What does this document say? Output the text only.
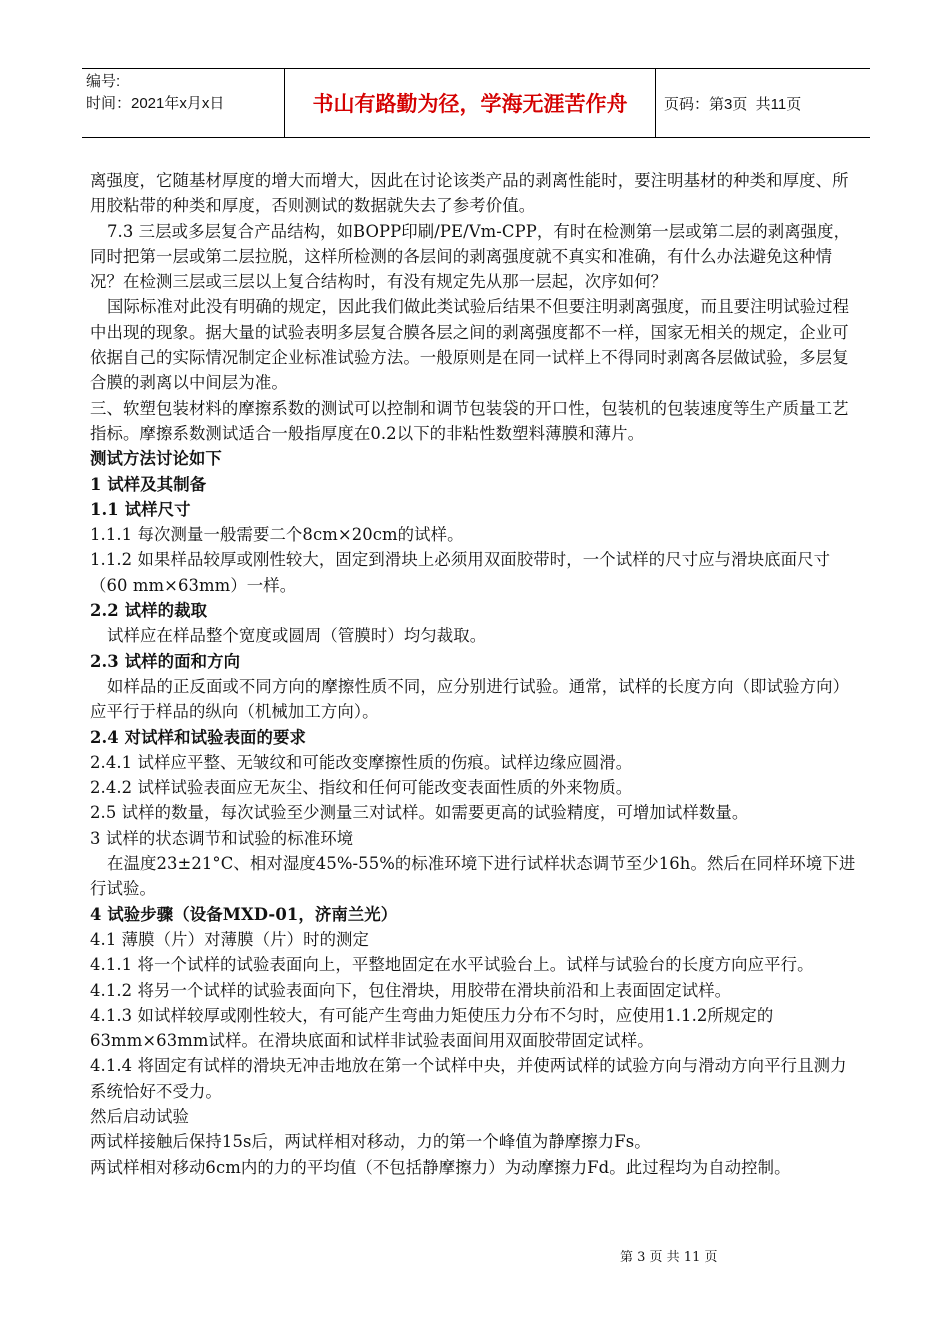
编号:
时间：2021年x月x日	书山有路勤为径，学海无涯苦作舟	页码：第3页  共11页

离强度，它随基材厚度的增大而增大，因此在讨论该类产品的剥离性能时，要注明基材的种类和厚度、所用胶粘带的种类和厚度，否则测试的数据就失去了参考价值。

7.3 三层或多层复合产品结构，如BOPP印刷/PE/Vm-CPP，有时在检测第一层或第二层的剥离强度，同时把第一层或第二层拉脱，这样所检测的各层间的剥离强度就不真实和准确，有什么办法避免这种情况？在检测三层或三层以上复合结构时，有没有规定先从那一层起，次序如何？

国际标准对此没有明确的规定，因此我们做此类试验后结果不但要注明剥离强度，而且要注明试验过程中出现的现象。据大量的试验表明多层复合膜各层之间的剥离强度都不一样，国家无相关的规定，企业可依据自己的实际情况制定企业标准试验方法。一般原则是在同一试样上不得同时剥离各层做试验，多层复合膜的剥离以中间层为准。

三、软塑包装材料的摩擦系数的测试可以控制和调节包装袋的开口性，包装机的包装速度等生产质量工艺指标。摩擦系数测试适合一般指厚度在0.2以下的非粘性数塑料薄膜和薄片。

测试方法讨论如下

1 试样及其制备

1.1 试样尺寸

1.1.1 每次测量一般需要二个8cm×20cm的试样。

1.1.2 如果样品较厚或刚性较大，固定到滑块上必须用双面胶带时，一个试样的尺寸应与滑块底面尺寸（60 mm×63mm）一样。

2.2 试样的裁取

试样应在样品整个宽度或圆周（管膜时）均匀裁取。

2.3 试样的面和方向

如样品的正反面或不同方向的摩擦性质不同，应分别进行试验。通常，试样的长度方向（即试验方向）应平行于样品的纵向（机械加工方向）。

2.4 对试样和试验表面的要求

2.4.1 试样应平整、无皱纹和可能改变摩擦性质的伤痕。试样边缘应圆滑。

2.4.2 试样试验表面应无灰尘、指纹和任何可能改变表面性质的外来物质。

2.5 试样的数量，每次试验至少测量三对试样。如需要更高的试验精度，可增加试样数量。

3 试样的状态调节和试验的标准环境

在温度23±21°C、相对湿度45%-55%的标准环境下进行试样状态调节至少16h。然后在同样环境下进行试验。

4 试验步骤（设备MXD-01，济南兰光）

4.1 薄膜（片）对薄膜（片）时的测定

4.1.1 将一个试样的试验表面向上，平整地固定在水平试验台上。试样与试验台的长度方向应平行。

4.1.2 将另一个试样的试验表面向下，包住滑块，用胶带在滑块前沿和上表面固定试样。

4.1.3 如试样较厚或刚性较大，有可能产生弯曲力矩使压力分布不匀时，应使用1.1.2所规定的63mm×63mm试样。在滑块底面和试样非试验表面间用双面胶带固定试样。

4.1.4 将固定有试样的滑块无冲击地放在第一个试样中央，并使两试样的试验方向与滑动方向平行且测力系统恰好不受力。

然后启动试验

两试样接触后保持15s后，两试样相对移动，力的第一个峰值为静摩擦力Fs。

两试样相对移动6cm内的力的平均值（不包括静摩擦力）为动摩擦力Fd。此过程均为自动控制。

第 3 页 共 11 页
